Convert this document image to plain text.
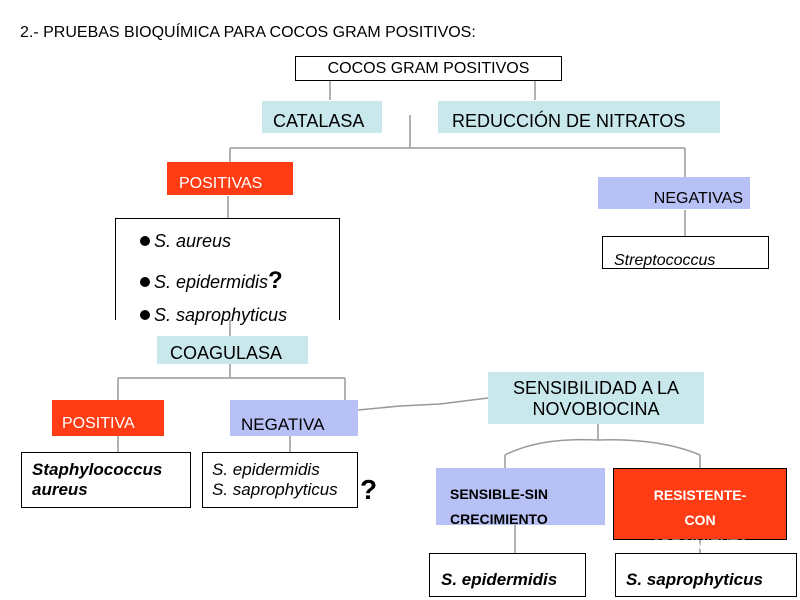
2.- PRUEBAS BIOQUÍMICA PARA COCOS GRAM POSITIVOS:
COCOS GRAM POSITIVOS
CATALASA	REDUCCIÓN DE NITRATOS
POSITIVAS
NEGATIVAS
S. aureus
S. epidermidis?
S. saprophyticus
Streptococcus
COAGULASA
POSITIVA	NEGATIVA
Staphylococcus
aureus
S. epidermidis
S. saprophyticus ?
SENSIBILIDAD A LA
NOVOBIOCINA
SENSIBLE-SIN
CRECIMIENTO
RESISTENTE-
CON
CRECIMIENTO
S. epidermidis	S. saprophyticus
